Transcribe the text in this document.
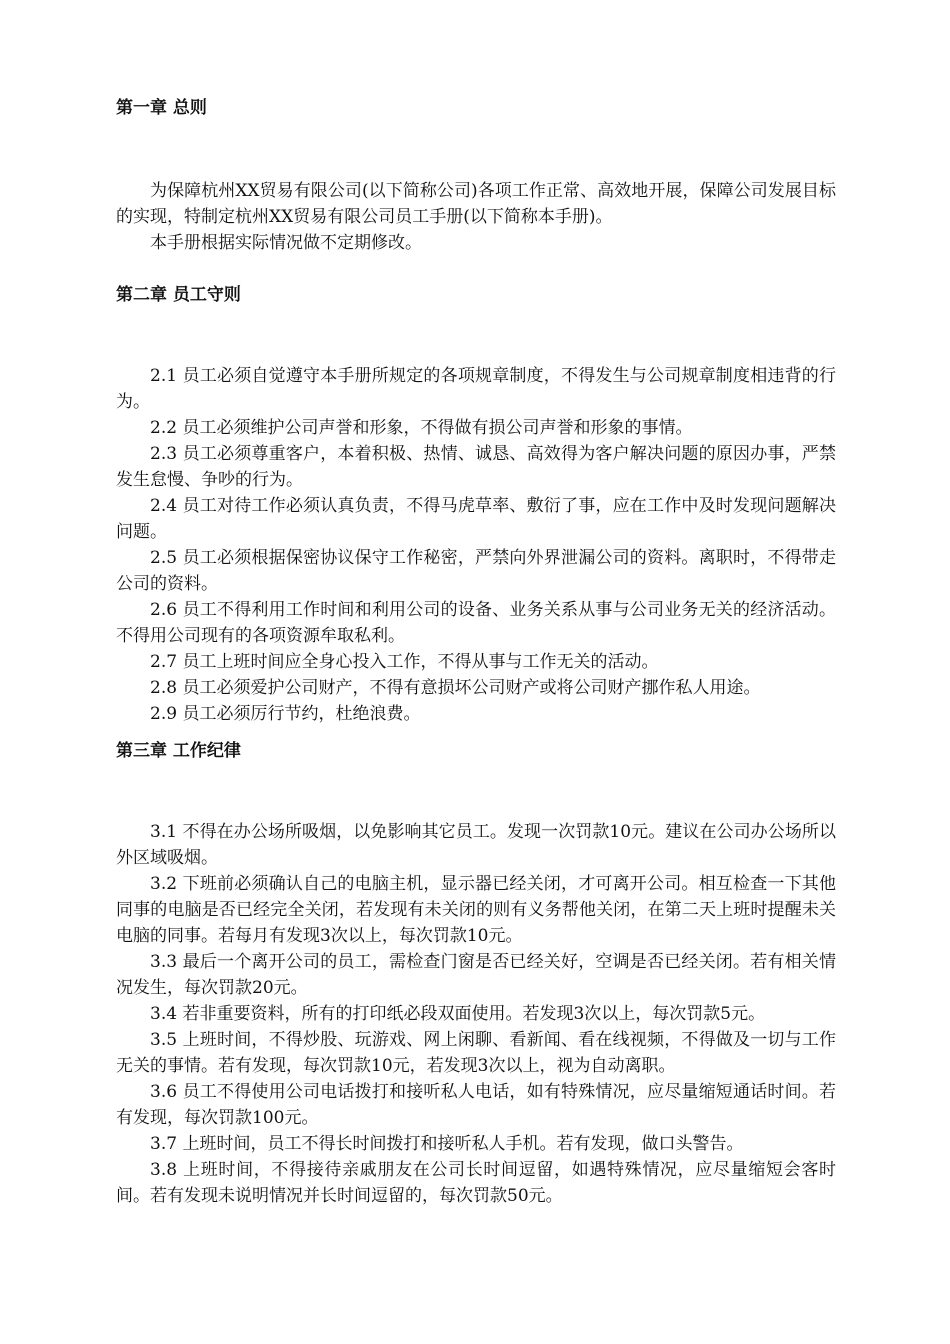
第一章 总则

为保障杭州XX贸易有限公司(以下简称公司)各项工作正常、高效地开展，保障公司发展目标的实现，特制定杭州XX贸易有限公司员工手册(以下简称本手册)。

本手册根据实际情况做不定期修改。

第二章 员工守则

2.1 员工必须自觉遵守本手册所规定的各项规章制度，不得发生与公司规章制度相违背的行为。

2.2 员工必须维护公司声誉和形象，不得做有损公司声誉和形象的事情。

2.3 员工必须尊重客户，本着积极、热情、诚恳、高效得为客户解决问题的原因办事，严禁发生怠慢、争吵的行为。

2.4 员工对待工作必须认真负责，不得马虎草率、敷衍了事，应在工作中及时发现问题解决问题。

2.5 员工必须根据保密协议保守工作秘密，严禁向外界泄漏公司的资料。离职时，不得带走公司的资料。

2.6 员工不得利用工作时间和利用公司的设备、业务关系从事与公司业务无关的经济活动。不得用公司现有的各项资源牟取私利。

2.7 员工上班时间应全身心投入工作，不得从事与工作无关的活动。

2.8 员工必须爱护公司财产，不得有意损坏公司财产或将公司财产挪作私人用途。

2.9 员工必须厉行节约，杜绝浪费。

第三章 工作纪律

3.1 不得在办公场所吸烟，以免影响其它员工。发现一次罚款10元。建议在公司办公场所以外区域吸烟。

3.2 下班前必须确认自己的电脑主机，显示器已经关闭，才可离开公司。相互检查一下其他同事的电脑是否已经完全关闭，若发现有未关闭的则有义务帮他关闭，在第二天上班时提醒未关电脑的同事。若每月有发现3次以上，每次罚款10元。

3.3 最后一个离开公司的员工，需检查门窗是否已经关好，空调是否已经关闭。若有相关情况发生，每次罚款20元。

3.4 若非重要资料，所有的打印纸必段双面使用。若发现3次以上，每次罚款5元。

3.5 上班时间，不得炒股、玩游戏、网上闲聊、看新闻、看在线视频，不得做及一切与工作无关的事情。若有发现，每次罚款10元，若发现3次以上，视为自动离职。

3.6 员工不得使用公司电话拨打和接听私人电话，如有特殊情况，应尽量缩短通话时间。若有发现，每次罚款100元。

3.7 上班时间，员工不得长时间拨打和接听私人手机。若有发现，做口头警告。

3.8 上班时间，不得接待亲戚朋友在公司长时间逗留，如遇特殊情况，应尽量缩短会客时间。若有发现未说明情况并长时间逗留的，每次罚款50元。
